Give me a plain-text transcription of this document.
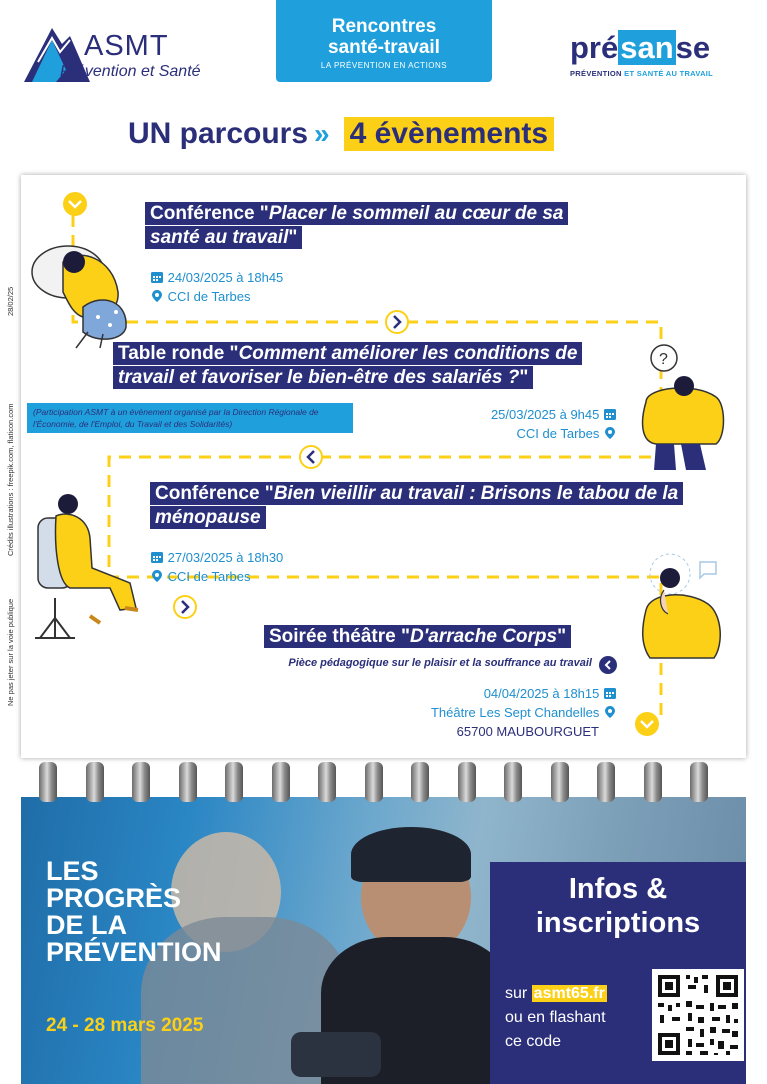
ASMT
Prévention et Santé
Rencontres
santé-travail
LA PRÉVENTION EN ACTIONS
présanse
PRÉVENTION ET SANTÉ AU TRAVAIL
UN parcours » 4 évènements
28/02/25
Crédits illustrations : freepik.com, flaticon.com
Ne pas jeter sur la voie publique
?
Conférence "Placer le sommeil au cœur de sa santé au travail"
24/03/2025 à 18h45
CCI de Tarbes
Table ronde "Comment améliorer les conditions de travail et favoriser le bien-être des salariés ?"
(Participation ASMT à un évènement organisé par la Direction Régionale de l'Économie, de l'Emploi, du Travail et des Solidarités)
25/03/2025 à 9h45
CCI de Tarbes
Conférence "Bien vieillir au travail : Brisons le tabou de la ménopause
27/03/2025 à 18h30
CCI de Tarbes
Soirée théâtre "D'arrache Corps"
Pièce pédagogique sur le plaisir et la souffrance au travail
04/04/2025 à 18h15
Théâtre Les Sept Chandelles
65700 MAUBOURGUET
LES
PROGRÈS
DE LA
PRÉVENTION
24 - 28 mars 2025
Infos &
inscriptions
sur asmt65.fr
ou en flashant
ce code
